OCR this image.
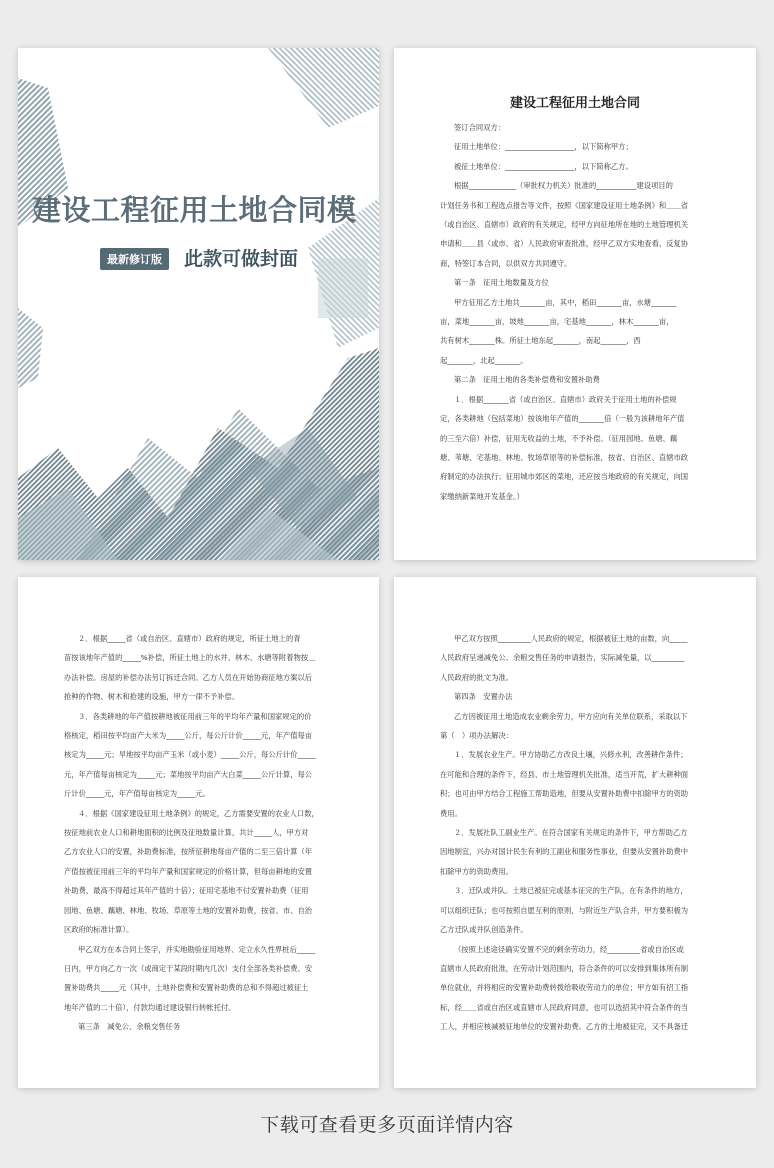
建设工程征用土地合同模
最新修订版	此款可做封面
建设工程征用土地合同

签订合同双方：

征用土地单位：___________________，以下简称甲方；

被征土地单位：___________________，以下简称乙方。

根据_____________（审批权力机关）批准的___________建设项目的

计划任务书和工程选点报告等文件，按照《国家建设征用土地条例》和＿＿省

（或自治区、直辖市）政府的有关规定，经甲方向征地所在地的土地管理机关

申请和＿＿县（或市、省）人民政府审查批准，经甲乙双方实地查看、反复协

商，特签订本合同，以供双方共同遵守。

第一条　征用土地数量及方位

甲方征用乙方土地共_______亩，其中，稻田_______亩，水塘_______

亩，菜地_______亩，坡地_______亩，宅基地_______，林木_______亩，

共有树木_______株。所征土地东起_______，南起_______，西

起_______，北起_______。

第二条　征用土地的各类补偿费和安置补助费

１．根据_______省（或自治区、直辖市）政府关于征用土地的补偿规

定，各类耕地（包括菜地）按该地年产值的_______倍（一般为该耕地年产值

的三至六倍）补偿，征用无收益的土地，不予补偿。（征用园地、鱼塘、藕

塘、苇塘、宅基地、林地、牧场草原等的补偿标准，按省、自治区、直辖市政

府制定的办法执行；征用城市郊区的菜地，还应按当地政府的有关规定，向国

家缴纳新菜地开发基金。）

２．根据_____省（或自治区、直辖市）政府的规定，所征土地上的青

苗按该地年产值的_____%补偿，所征土地上的水井、林木、水塘等附着物按＿

办法补偿。房屋的补偿办法另订拆迁合同。乙方人员在开始协商征地方案以后

抢种的作物、树木和抢建的设施，甲方一律不予补偿。

３．各类耕地的年产值按耕地被征用前三年的平均年产量和国家规定的价

格核定，稻田按平均亩产大米为_____公斤，每公斤计价_____元，年产值每亩

核定为_____元；旱地按平均亩产玉米（或小麦）_____公斤，每公斤计价_____

元，年产值每亩核定为_____元；菜地按平均亩产大白菜_____公斤计算，每公

斤计价_____元，年产值每亩核定为_____元。

４．根据《国家建设征用土地条例》的规定，乙方需要安置的农业人口数，

按征地前农业人口和耕地面积的比例及征地数量计算，共计_____人，甲方对

乙方农业人口的安置，补助费标准，按所征耕地每亩产值的二至三倍计算（年

产值按被征用前三年的平均年产量和国家规定的价格计算，但每亩耕地的安置

补助费，最高不得超过其年产值的十倍）；征用宅基地不付安置补助费（征用

园地、鱼塘、藕塘、林地、牧场、草原等土地的安置补助费，按省、市、自治

区政府的标准计算）。

甲乙双方在本合同上签字，并实地勘验征用地界、定立永久性界桩后_____

日内，甲方向乙方一次（或商定于某段时期内几次）支付全部各类补偿费、安

置补助费共_____元（其中，土地补偿费和安置补助费的总和不得超过被征土

地年产值的二十倍），付款均通过建设银行转帐托付。

第三条　减免公、余粮交售任务

甲乙双方按照_________人民政府的规定，根据被征土地的亩数，向_____

人民政府呈递减免公、余粮交售任务的申请报告，实际减免量，以_________

人民政府的批文为准。

第四条　安置办法

乙方因被征用土地造成农业剩余劳力，甲方应向有关单位联系，采取以下

第（　）项办法解决：

１．发展农业生产。甲方协助乙方改良土壤，兴修水利，改善耕作条件；

在可能和合理的条件下，经县、市土地管理机关批准，适当开荒，扩大耕种面

积；也可由甲方结合工程施工帮助造地，但要从安置补助费中扣除甲方的资助

费用。

２．发展社队工副业生产。在符合国家有关规定的条件下，甲方帮助乙方

因地制宜，兴办对国计民生有利的工副业和服务性事业，但要从安置补助费中

扣除甲方的资助费用。

３．迁队或并队。土地已被征完或基本征完的生产队，在有条件的地方，

可以组织迁队；也可按照自愿互利的原则，与附近生产队合并，甲方要积极为

乙方迁队或并队创造条件。

（按照上述途径确实安置不完的剩余劳动力，经_________省或自治区或

直辖市人民政府批准，在劳动计划范围内，符合条件的可以安排到集体所有制

单位就业，并将相应的安置补助费转拨给吸收劳动力的单位；甲方如有招工指

标，经＿＿省或自治区或直辖市人民政府同意，也可以选招其中符合条件的当

工人，并相应核减被征地单位的安置补助费。乙方的土地被征完，又不具备迁

下载可查看更多页面详情内容
